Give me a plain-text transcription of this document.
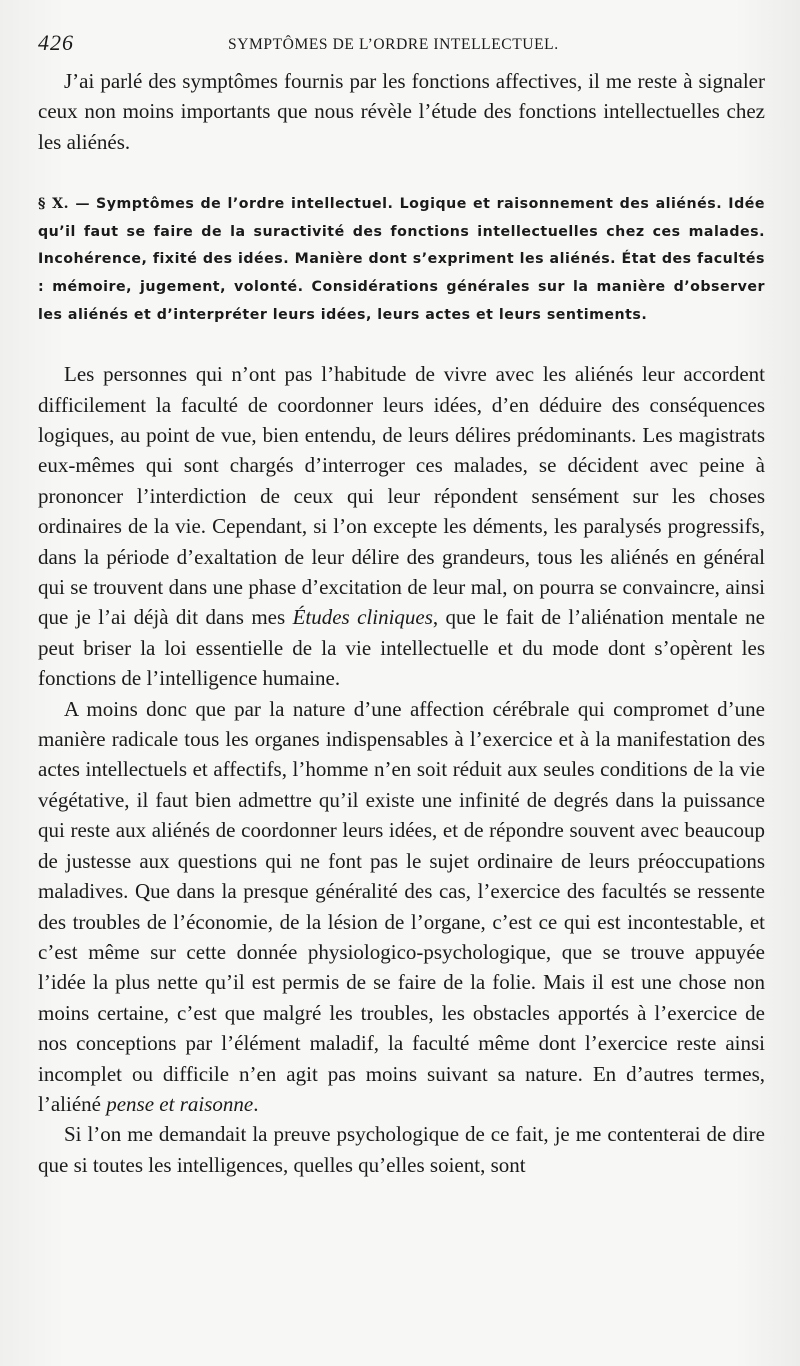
426	SYMPTÔMES DE L’ORDRE INTELLECTUEL.

J’ai parlé des symptômes fournis par les fonctions affectives, il me reste à signaler ceux non moins importants que nous révèle l’étude des fonctions intellectuelles chez les aliénés.

§ X. — Symptômes de l’ordre intellectuel. Logique et raisonnement des aliénés. Idée qu’il faut se faire de la suractivité des fonctions intellectuelles chez ces malades. Incohérence, fixité des idées. Manière dont s’expriment les aliénés. État des facultés : mémoire, jugement, volonté. Considérations générales sur la manière d’observer les aliénés et d’interpréter leurs idées, leurs actes et leurs sentiments.

Les personnes qui n’ont pas l’habitude de vivre avec les aliénés leur accordent difficilement la faculté de coordonner leurs idées, d’en déduire des conséquences logiques, au point de vue, bien entendu, de leurs délires prédominants. Les magistrats eux-mêmes qui sont chargés d’interroger ces malades, se décident avec peine à prononcer l’interdiction de ceux qui leur répondent sensément sur les choses ordinaires de la vie. Cependant, si l’on excepte les déments, les paralysés progressifs, dans la période d’exaltation de leur délire des grandeurs, tous les aliénés en général qui se trouvent dans une phase d’excitation de leur mal, on pourra se convaincre, ainsi que je l’ai déjà dit dans mes Études cliniques, que le fait de l’aliénation mentale ne peut briser la loi essentielle de la vie intellectuelle et du mode dont s’opèrent les fonctions de l’intelligence humaine.

A moins donc que par la nature d’une affection cérébrale qui compromet d’une manière radicale tous les organes indispensables à l’exercice et à la manifestation des actes intellectuels et affectifs, l’homme n’en soit réduit aux seules conditions de la vie végétative, il faut bien admettre qu’il existe une infinité de degrés dans la puissance qui reste aux aliénés de coordonner leurs idées, et de répondre souvent avec beaucoup de justesse aux questions qui ne font pas le sujet ordinaire de leurs préoccupations maladives. Que dans la presque généralité des cas, l’exercice des facultés se ressente des troubles de l’économie, de la lésion de l’organe, c’est ce qui est incontestable, et c’est même sur cette donnée physiologico-psychologique, que se trouve appuyée l’idée la plus nette qu’il est permis de se faire de la folie. Mais il est une chose non moins certaine, c’est que malgré les troubles, les obstacles apportés à l’exercice de nos conceptions par l’élément maladif, la faculté même dont l’exercice reste ainsi incomplet ou difficile n’en agit pas moins suivant sa nature. En d’autres termes, l’aliéné pense et raisonne.

Si l’on me demandait la preuve psychologique de ce fait, je me contenterai de dire que si toutes les intelligences, quelles qu’elles soient, sont
